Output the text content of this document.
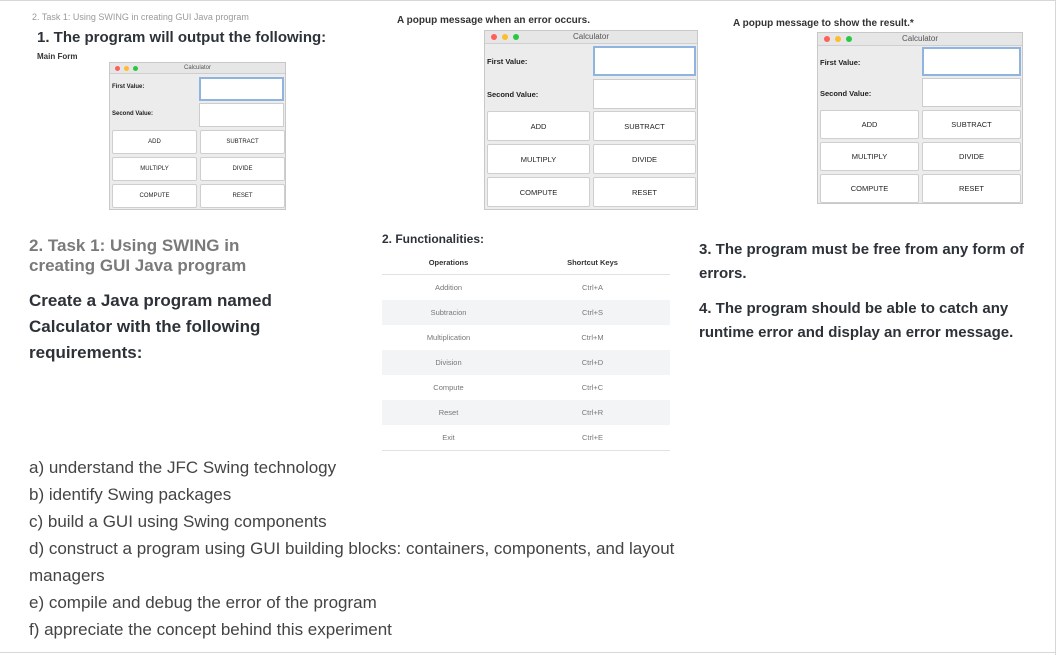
2. Task 1: Using SWING in creating GUI Java program
1. The program will output the following:
Main Form
A popup message when an error occurs.	A popup message to show the result.*
Calculator
First Value:
Second Value:
ADD	SUBTRACT
MULTIPLY	DIVIDE
COMPUTE	RESET
Calculator
First Value:
Second Value:
ADD	SUBTRACT
MULTIPLY	DIVIDE
COMPUTE	RESET
Calculator
First Value:
Second Value:
ADD	SUBTRACT
MULTIPLY	DIVIDE
COMPUTE	RESET
2. Task 1: Using SWING in creating GUI Java program
Create a Java program named Calculator with the following requirements:
2. Functionalities:
Operations	Shortcut Keys
Addition	Ctrl+A
Subtracion	Ctrl+S
Multiplication	Ctrl+M
Division	Ctrl+D
Compute	Ctrl+C
Reset	Ctrl+R
Exit	Ctrl+E
3. The program must be free from any form of errors.
4. The program should be able to catch any runtime error and display an error message.
a) understand the JFC Swing technology
b) identify Swing packages
c) build a GUI using Swing components
d) construct a program using GUI building blocks: containers, components, and layout managers
e) compile and debug the error of the program
f) appreciate the concept behind this experiment
